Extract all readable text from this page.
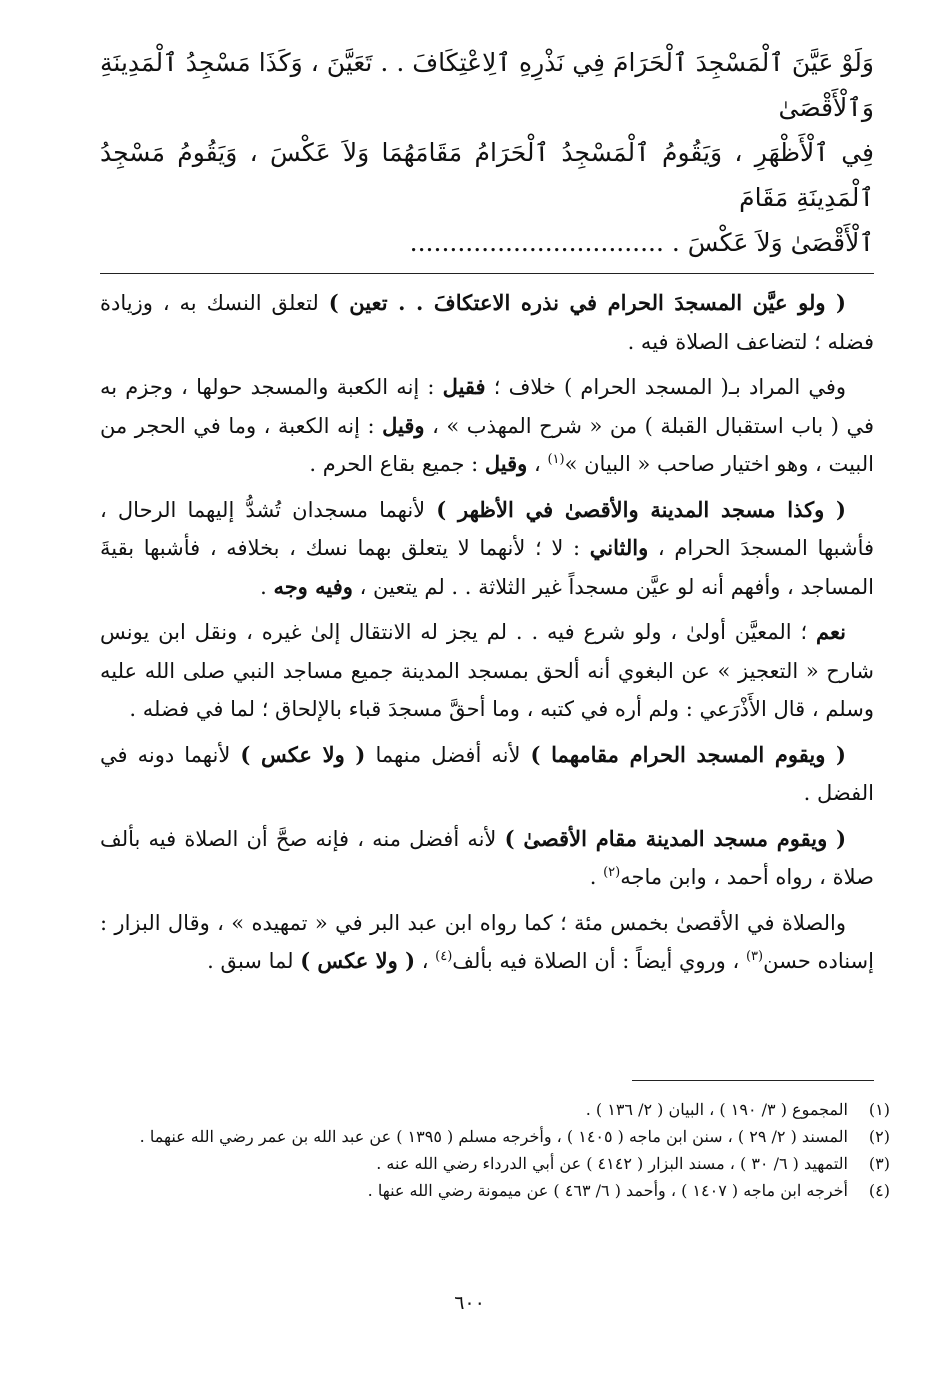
وَلَوْ عَيَّنَ ٱلْمَسْجِدَ ٱلْحَرَامَ فِي نَذْرِهِ ٱلِاعْتِكَافَ . . تَعَيَّنَ ، وَكَذَا مَسْجِدُ ٱلْمَدِينَةِ وَٱلْأَقْصَىٰ
فِي ٱلْأَظْهَرِ ، وَيَقُومُ ٱلْمَسْجِدُ ٱلْحَرَامُ مَقَامَهُمَا وَلاَ عَكْسَ ، وَيَقُومُ مَسْجِدُ ٱلْمَدِينَةِ مَقَامَ
ٱلْأَقْصَىٰ وَلاَ عَكْسَ . ................................

( ولو عيَّن المسجدَ الحرام في نذره الاعتكافَ . . تعين ) لتعلق النسك به ، وزيادة فضله ؛ لتضاعف الصلاة فيه .

وفي المراد بـ( المسجد الحرام ) خلاف ؛ فقيل : إنه الكعبة والمسجد حولها ، وجزم به في ( باب استقبال القبلة ) من « شرح المهذب » ، وقيل : إنه الكعبة ، وما في الحجر من البيت ، وهو اختيار صاحب « البيان »$^{(١)}$ ، وقيل : جميع بقاع الحرم .

( وكذا مسجد المدينة والأقصىٰ في الأظهر ) لأنهما مسجدان تُشدُّ إليهما الرحال ، فأشبها المسجدَ الحرام ، والثاني : لا ؛ لأنهما لا يتعلق بهما نسك ، بخلافه ، فأشبها بقيةَ المساجد ، وأفهم أنه لو عيَّن مسجداً غير الثلاثة . . لم يتعين ، وفيه وجه .

نعم ؛ المعيَّن أولىٰ ، ولو شرع فيه . . لم يجز له الانتقال إلىٰ غيره ، ونقل ابن يونس شارح « التعجيز » عن البغوي أنه ألحق بمسجد المدينة جميع مساجد النبي صلى الله عليه وسلم ، قال الأَذْرَعي : ولم أره في كتبه ، وما أحقَّ مسجدَ قباء بالإلحاق ؛ لما في فضله .

( ويقوم المسجد الحرام مقامهما ) لأنه أفضل منهما ( ولا عكس ) لأنهما دونه في الفضل .

( ويقوم مسجد المدينة مقام الأقصىٰ ) لأنه أفضل منه ، فإنه صحَّ أن الصلاة فيه بألف صلاة ، رواه أحمد ، وابن ماجه$^{(٢)}$ .

والصلاة في الأقصىٰ بخمس مئة ؛ كما رواه ابن عبد البر في « تمهيده » ، وقال البزار : إسناده حسن$^{(٣)}$ ، وروي أيضاً : أن الصلاة فيه بألف$^{(٤)}$ ، ( ولا عكس ) لما سبق .

(١)
المجموع ( ٣/ ١٩٠ ) ، البيان ( ٢/ ١٣٦ ) .
(٢)
المسند ( ٢/ ٢٩ ) ، سنن ابن ماجه ( ١٤٠٥ ) ، وأخرجه مسلم ( ١٣٩٥ ) عن عبد الله بن عمر رضي الله عنهما .
(٣)
التمهيد ( ٦/ ٣٠ ) ، مسند البزار ( ٤١٤٢ ) عن أبي الدرداء رضي الله عنه .
(٤)
أخرجه ابن ماجه ( ١٤٠٧ ) ، وأحمد ( ٦/ ٤٦٣ ) عن ميمونة رضي الله عنها .
٦٠٠
